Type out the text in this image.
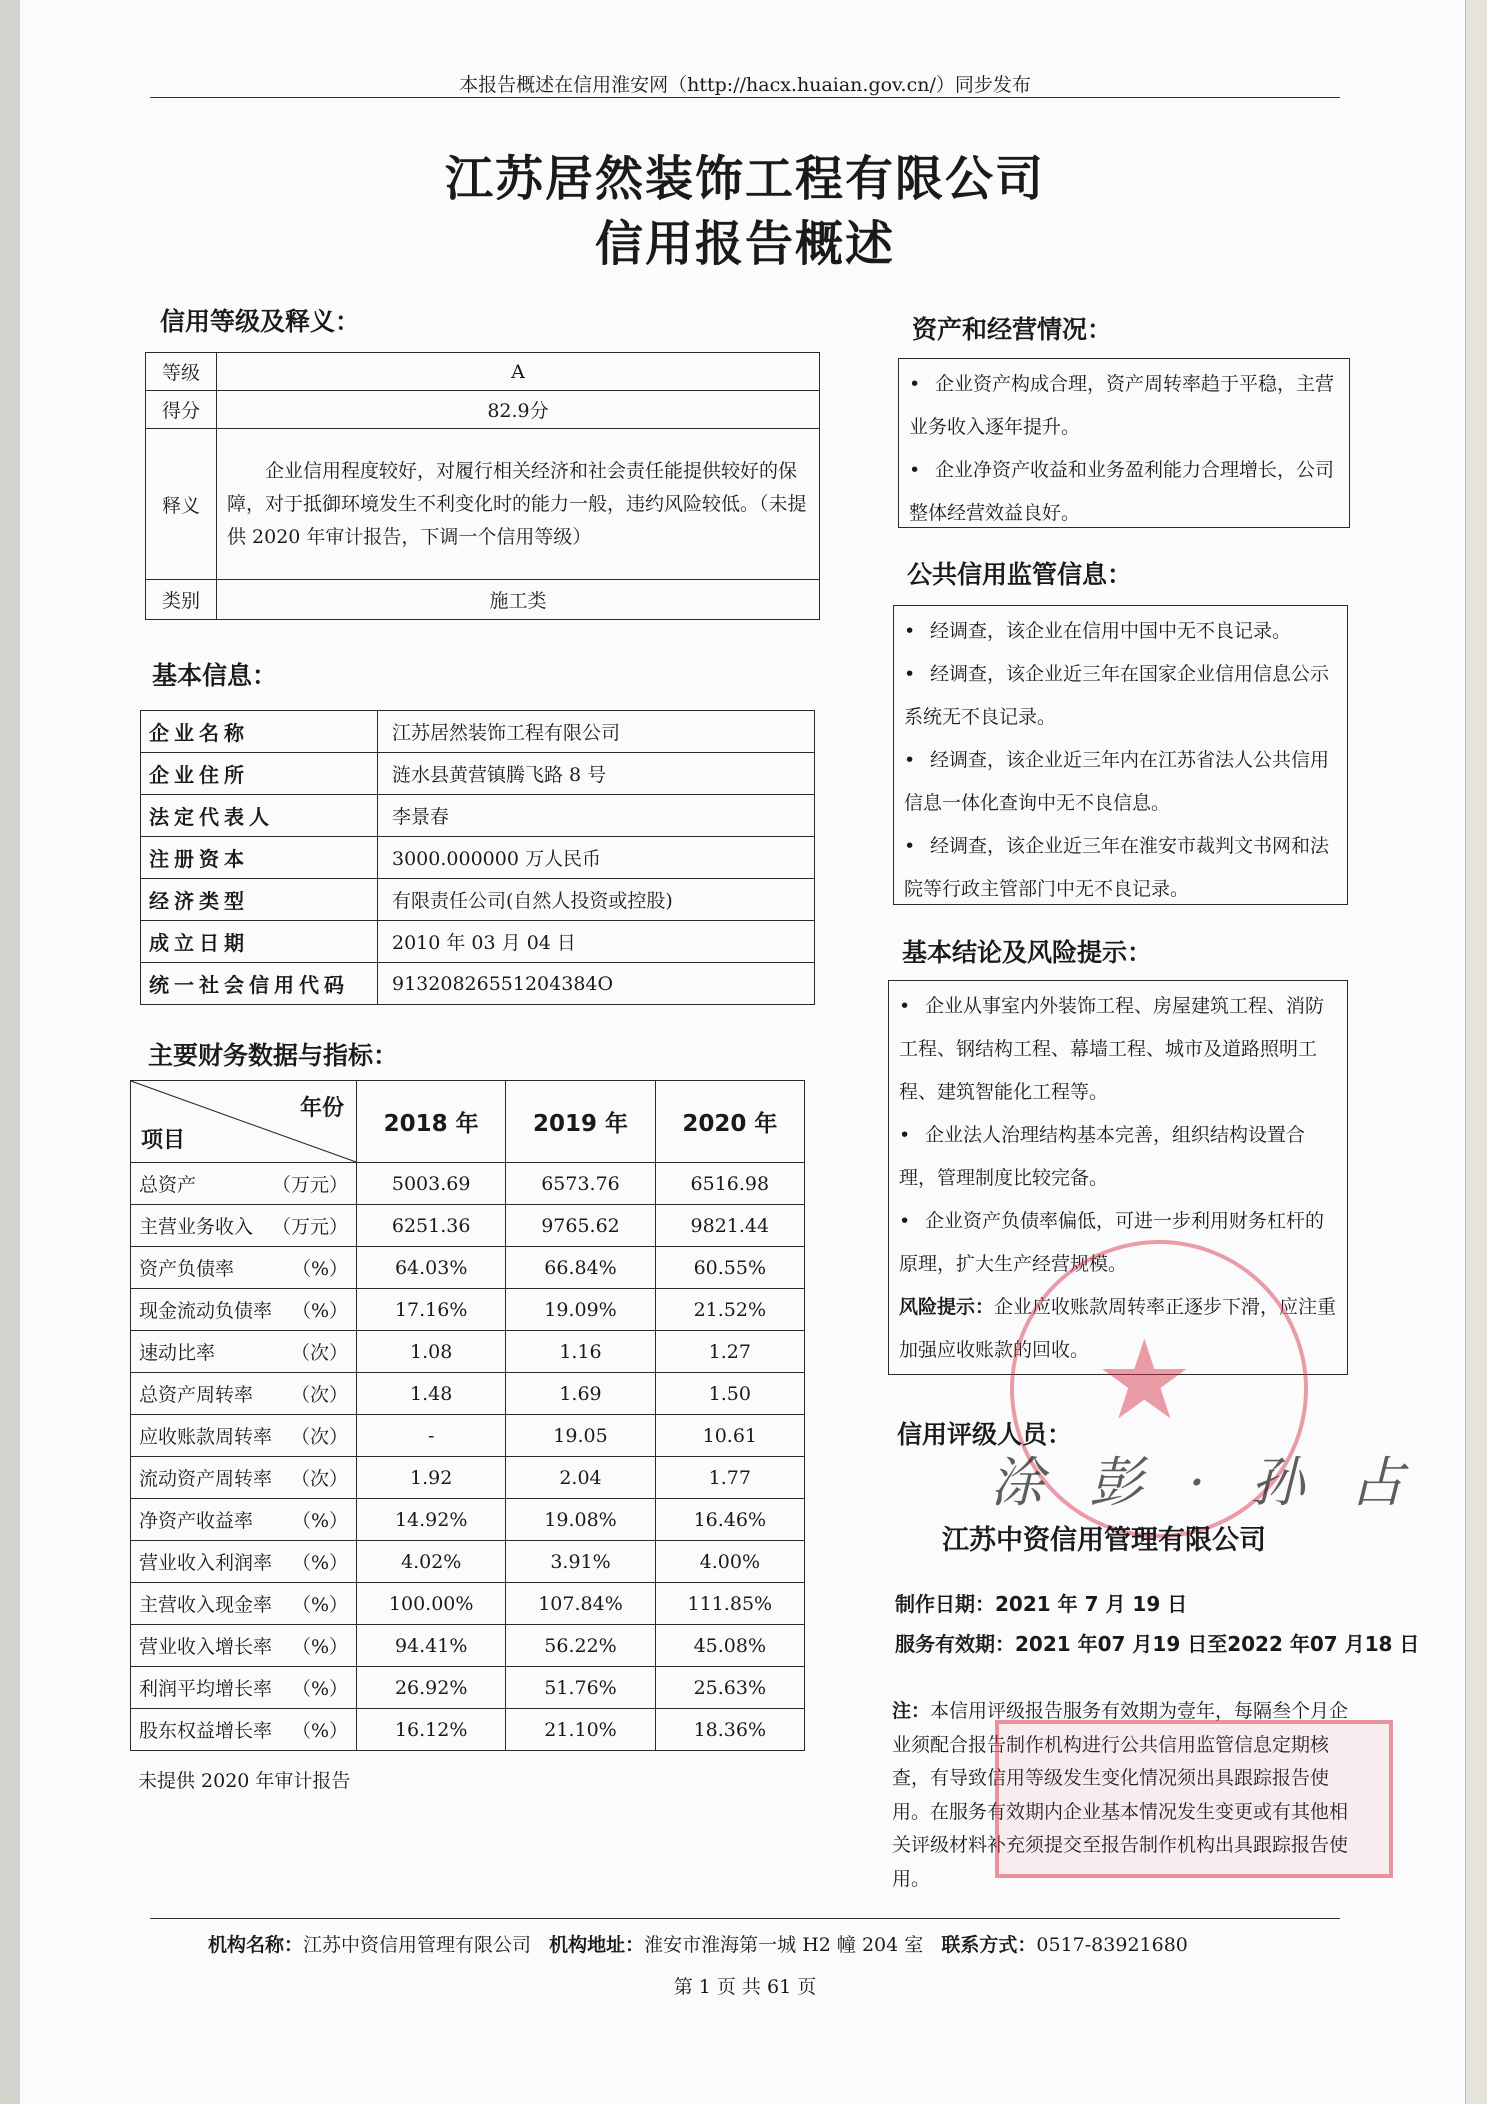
本报告概述在信用淮安网（http://hacx.huaian.gov.cn/）同步发布
江苏居然装饰工程有限公司
信用报告概述
信用等级及释义：
等级	A
得分	82.9分
释义	企业信用程度较好，对履行相关经济和社会责任能提供较好的保障，对于抵御环境发生不利变化时的能力一般，违约风险较低。（未提供 2020 年审计报告，下调一个信用等级）
类别	施工类
基本信息：
企业名称	江苏居然装饰工程有限公司
企业住所	涟水县黄营镇腾飞路 8 号
法定代表人	李景春
注册资本	3000.000000 万人民币
经济类型	有限责任公司(自然人投资或控股)
成立日期	2010 年 03 月 04 日
统一社会信用代码	91320826551204384O
主要财务数据与指标：
年份
项目	2018 年	2019 年	2020 年
总资产 （万元）	5003.69	6573.76	6516.98
主营业务收入 （万元）	6251.36	9765.62	9821.44
资产负债率 （%）	64.03%	66.84%	60.55%
现金流动负债率 （%）	17.16%	19.09%	21.52%
速动比率 （次）	1.08	1.16	1.27
总资产周转率 （次）	1.48	1.69	1.50
应收账款周转率 （次）	-	19.05	10.61
流动资产周转率 （次）	1.92	2.04	1.77
净资产收益率 （%）	14.92%	19.08%	16.46%
营业收入利润率 （%）	4.02%	3.91%	4.00%
主营收入现金率 （%）	100.00%	107.84%	111.85%
营业收入增长率 （%）	94.41%	56.22%	45.08%
利润平均增长率 （%）	26.92%	51.76%	25.63%
股东权益增长率 （%）	16.12%	21.10%	18.36%
未提供 2020 年审计报告
资产和经营情况：

• 企业资产构成合理，资产周转率趋于平稳，主营业务收入逐年提升。

• 企业净资产收益和业务盈利能力合理增长，公司整体经营效益良好。

公共信用监管信息：

• 经调查，该企业在信用中国中无不良记录。

• 经调查，该企业近三年在国家企业信用信息公示系统无不良记录。

• 经调查，该企业近三年内在江苏省法人公共信用信息一体化查询中无不良信息。

• 经调查，该企业近三年在淮安市裁判文书网和法院等行政主管部门中无不良记录。

基本结论及风险提示：

• 企业从事室内外装饰工程、房屋建筑工程、消防工程、钢结构工程、幕墙工程、城市及道路照明工程、建筑智能化工程等。

• 企业法人治理结构基本完善，组织结构设置合理，管理制度比较完备。

• 企业资产负债率偏低，可进一步利用财务杠杆的原理，扩大生产经营规模。

风险提示：企业应收账款周转率正逐步下滑，应注重加强应收账款的回收。 ★
涂 彭 · 孙 占
信用评级人员：
江苏中资信用管理有限公司
制作日期：2021 年 7 月 19 日
服务有效期：2021 年07 月19 日至2022 年07 月18 日
注：本信用评级报告服务有效期为壹年，每隔叁个月企业须配合报告制作机构进行公共信用监管信息定期核查，有导致信用等级发生变化情况须出具跟踪报告使用。在服务有效期内企业基本情况发生变更或有其他相关评级材料补充须提交至报告制作机构出具跟踪报告使用。
机构名称：江苏中资信用管理有限公司 机构地址：淮安市淮海第一城 H2 幢 204 室 联系方式：0517-83921680
第 1 页 共 61 页
